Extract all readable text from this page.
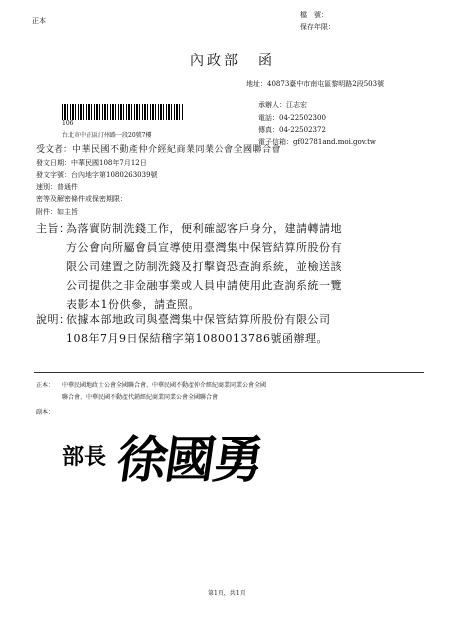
正本
檔　號：
保存年限：
內政部　函
地址：40873臺中市南屯區黎明路2段503號
承辦人：江志宏
電話：04-22502300
傳真：04-22502372
電子信箱：gf02781and.moi.gov.tw
106
台北市中正區汀州路一段20號7樓
受文者：中華民國不動產仲介經紀商業同業公會全國聯合會
發文日期：中華民國108年7月12日
發文字號：台內地字第1080263039號
速別：普通件
密等及解密條件或保密期限：
附件：如主旨
主旨：
為落實防制洗錢工作，便利確認客戶身分，建請轉請地
方公會向所屬會員宣導使用臺灣集中保管結算所股份有
限公司建置之防制洗錢及打擊資恐查詢系統，並檢送該
公司提供之非金融事業或人員申請使用此查詢系統一覽
表影本1份供參，請查照。
說明：
依據本部地政司與臺灣集中保管結算所股份有限公司
108年7月9日保結稽字第1080013786號函辦理。
正本： 中華民國地政士公會全國聯合會、中華民國不動產仲介經紀商業同業公會全國
聯合會、中華民國不動產代銷經紀商業同業公會全國聯合會
副本：
部長 徐國勇
第1頁，共1頁
